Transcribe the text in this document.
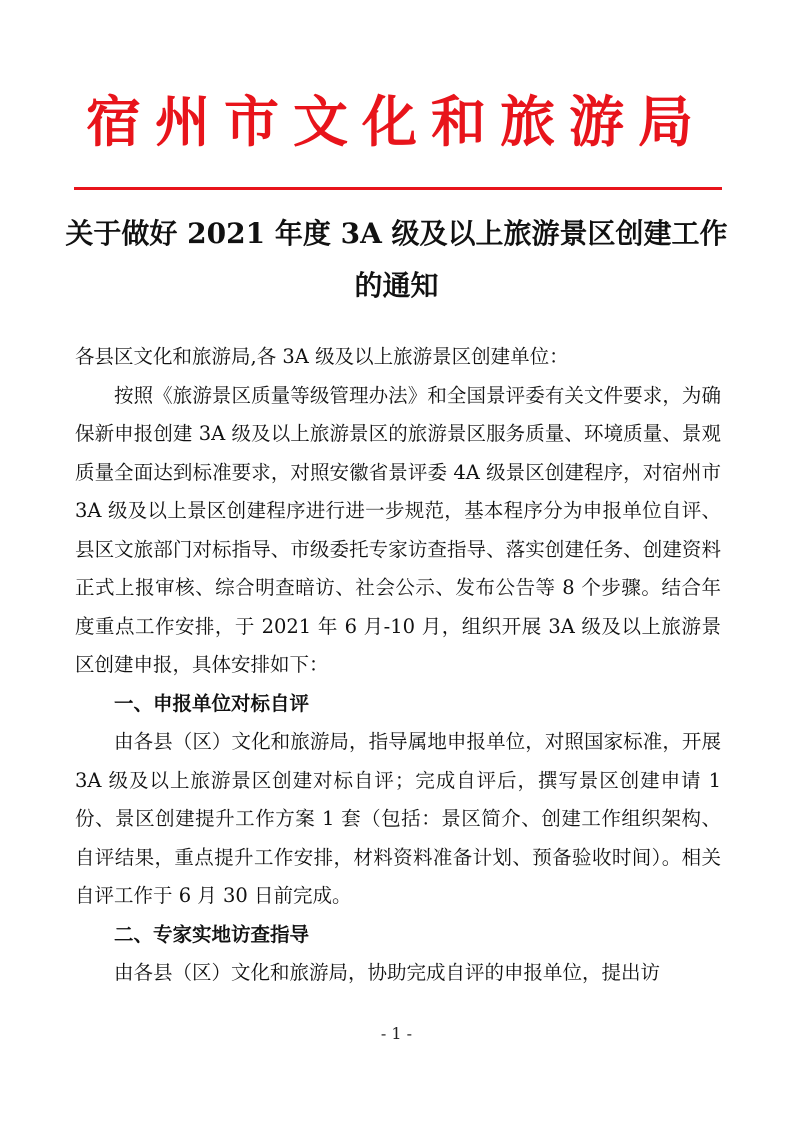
宿州市文化和旅游局
关于做好 2021 年度 3A 级及以上旅游景区创建工作
的通知

各县区文化和旅游局,各 3A 级及以上旅游景区创建单位：

按照《旅游景区质量等级管理办法》和全国景评委有关文件要求，为确保新申报创建 3A 级及以上旅游景区的旅游景区服务质量、环境质量、景观质量全面达到标准要求，对照安徽省景评委 4A 级景区创建程序，对宿州市 3A 级及以上景区创建程序进行进一步规范，基本程序分为申报单位自评、县区文旅部门对标指导、市级委托专家访查指导、落实创建任务、创建资料正式上报审核、综合明查暗访、社会公示、发布公告等 8 个步骤。结合年度重点工作安排，于 2021 年 6 月-10 月，组织开展 3A 级及以上旅游景区创建申报，具体安排如下：

一、申报单位对标自评

由各县（区）文化和旅游局，指导属地申报单位，对照国家标准，开展 3A 级及以上旅游景区创建对标自评；完成自评后，撰写景区创建申请 1 份、景区创建提升工作方案 1 套（包括：景区简介、创建工作组织架构、自评结果，重点提升工作安排，材料资料准备计划、预备验收时间）。相关自评工作于 6 月 30 日前完成。

二、专家实地访查指导

由各县（区）文化和旅游局，协助完成自评的申报单位，提出访

- 1 -
